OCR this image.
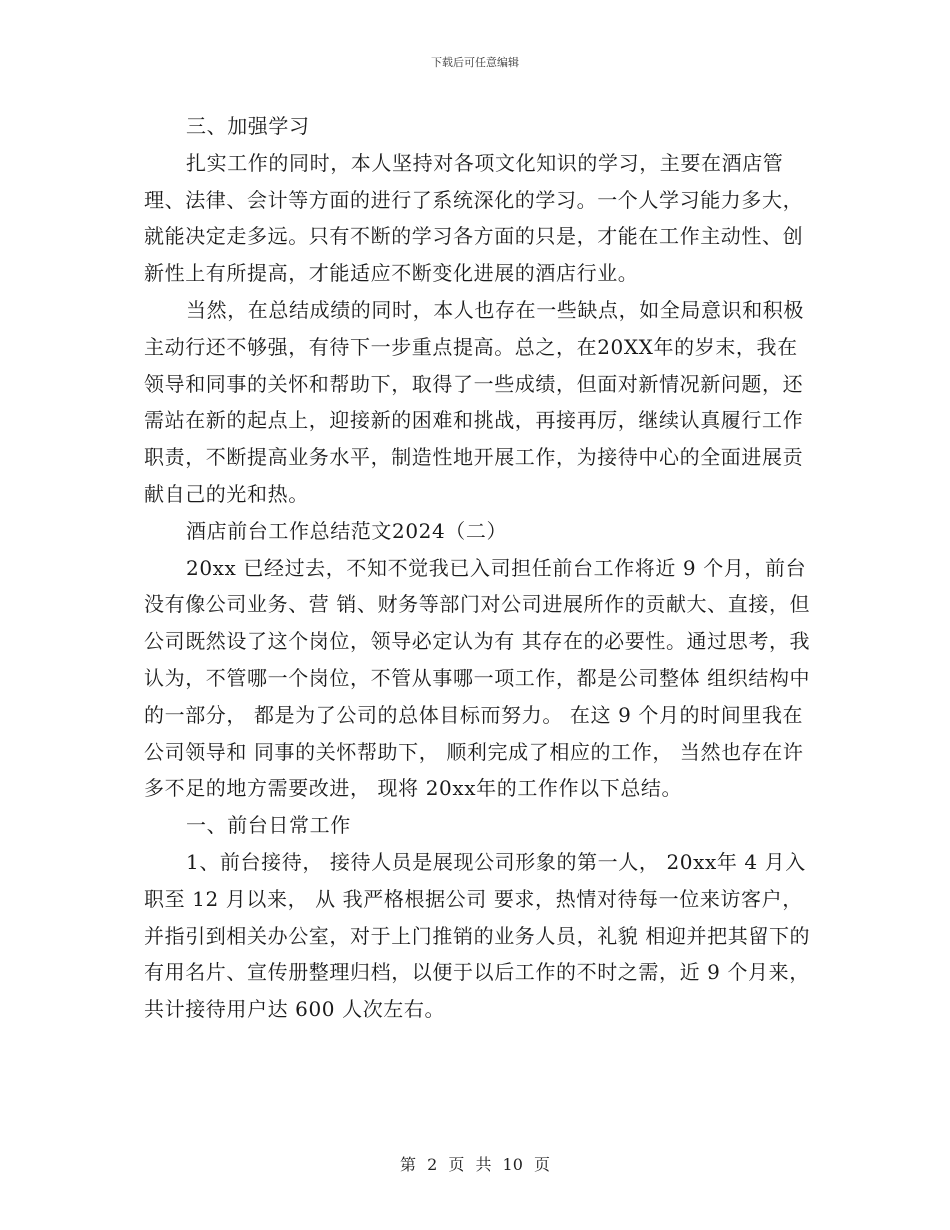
下载后可任意编辑

三、加强学习

扎实工作的同时，本人坚持对各项文化知识的学习，主要在酒店管理、法律、会计等方面的进行了系统深化的学习。一个人学习能力多大，就能决定走多远。只有不断的学习各方面的只是，才能在工作主动性、创新性上有所提高，才能适应不断变化进展的酒店行业。

当然，在总结成绩的同时，本人也存在一些缺点，如全局意识和积极主动行还不够强，有待下一步重点提高。总之，在20XX年的岁末，我在领导和同事的关怀和帮助下，取得了一些成绩，但面对新情况新问题，还需站在新的起点上，迎接新的困难和挑战，再接再厉，继续认真履行工作职责，不断提高业务水平，制造性地开展工作，为接待中心的全面进展贡献自己的光和热。

酒店前台工作总结范文2024（二）

20xx 已经过去，不知不觉我已入司担任前台工作将近 9 个月，前台没有像公司业务、营 销、财务等部门对公司进展所作的贡献大、直接，但公司既然设了这个岗位，领导必定认为有 其存在的必要性。通过思考，我认为，不管哪一个岗位，不管从事哪一项工作，都是公司整体 组织结构中的一部分， 都是为了公司的总体目标而努力。 在这 9 个月的时间里我在公司领导和 同事的关怀帮助下， 顺利完成了相应的工作， 当然也存在许多不足的地方需要改进， 现将 20xx年的工作作以下总结。

一、前台日常工作

1、前台接待， 接待人员是展现公司形象的第一人， 20xx年 4 月入职至 12 月以来， 从 我严格根据公司 要求，热情对待每一位来访客户，并指引到相关办公室，对于上门推销的业务人员，礼貌 相迎并把其留下的有用名片、宣传册整理归档，以便于以后工作的不时之需，近 9 个月来， 共计接待用户达 600 人次左右。

第 2 页 共 10 页
